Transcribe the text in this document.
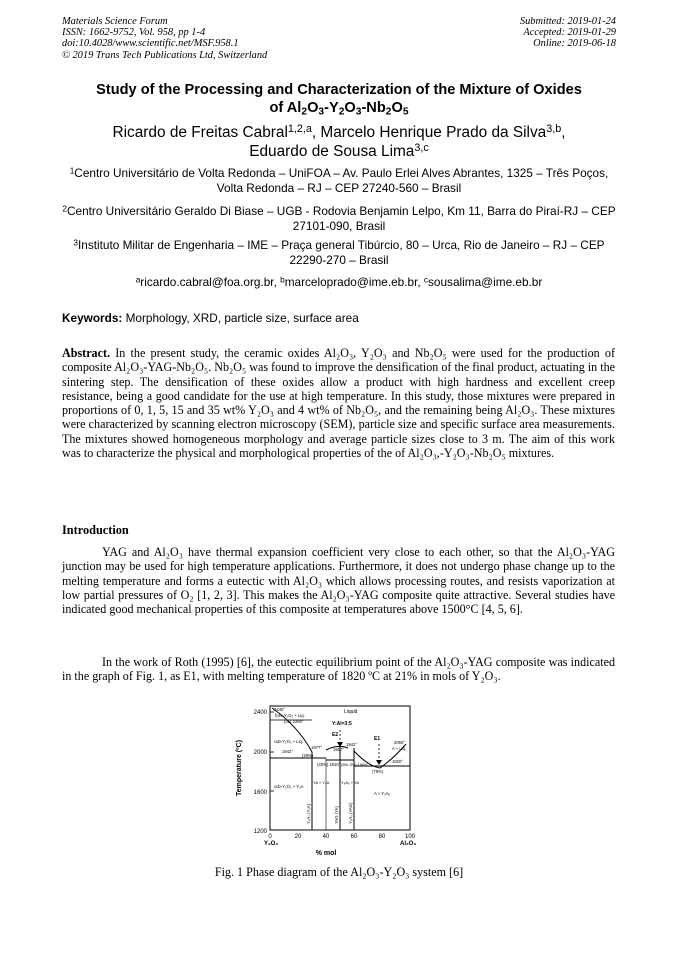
Materials Science Forum
ISSN: 1662-9752, Vol. 958, pp 1-4
doi:10.4028/www.scientific.net/MSF.958.1
© 2019 Trans Tech Publications Ltd, Switzerland
Submitted: 2019-01-24
Accepted: 2019-01-29
Online: 2019-06-18
Study of the Processing and Characterization of the Mixture of Oxides
of $Al_2O_3-Y_2O_3-Nb_2O_5$
Ricardo de Freitas Cabral$^{1,2,a}$, Marcelo Henrique Prado da Silva$^{3,b}$,
Eduardo de Sousa Lima$^{3,c}$
$^1$Centro Universitário de Volta Redonda – UniFOA – Av. Paulo Erlei Alves Abrantes, 1325 – Três Poços, Volta Redonda – RJ – CEP 27240-560 – Brasil
$^2$Centro Universitário Geraldo Di Biase – UGB - Rodovia Benjamin Lelpo, Km 11, Barra do Piraí-RJ – CEP 27101-090, Brasil
$^3$Instituto Militar de Engenharia – IME – Praça general Tibúrcio, 80 – Urca, Rio de Janeiro – RJ – CEP 22290-270 – Brasil
$^a$ricardo.cabral@foa.org.br, $^b$marceloprado@ime.eb.br, $^c$sousalima@ime.eb.br
Keywords: Morphology, XRD, particle size, surface area
Abstract. In the present study, the ceramic oxides Al₂O₃, Y₂O₃ and Nb₂O₅ were used for the production of composite Al₂O₃-YAG-Nb₂O₅. Nb₂O₅ was found to improve the densification of the final product, actuating in the sintering step. The densification of these oxides allow a product with high hardness and excellent creep resistance, being a good candidate for the use at high temperature. In this study, those mixtures were prepared in proportions of 0, 1, 5, 15 and 35 wt% Y₂O₃ and 4 wt% of Nb₂O₅, and the remaining being Al₂O₃. These mixtures were characterized by scanning electron microscopy (SEM), particle size and specific surface area measurements. The mixtures showed homogeneous morphology and average particle sizes close to 3 m. The aim of this work was to characterize the physical and morphological properties of the of Al₂O₃,-Y₂O₃-Nb₂O₅ mixtures.
Introduction
YAG and Al₂O₃ have thermal expansion coefficient very close to each other, so that the Al₂O₃-YAG junction may be used for high temperature applications. Furthermore, it does not undergo phase change up to the melting temperature and forms a eutectic with Al₂O₃ which allows processing routes, and resists vaporization at low partial pressures of O₂ [1, 2, 3]. This makes the Al₂O₃-YAG composite quite attractive. Several studies have indicated good mechanical properties of this composite at temperatures above 1500°C [4, 5, 6].
In the work of Roth (1995) [6], the eutectic equilibrium point of the Al₂O₃-YAG composite was indicated in the graph of Fig. 1, as E1, with melting temperature of 1820 ºC at 21% in mols of Y₂O₃.
Temperature (ºC)
2400
2000
1600
1200
0	20	40	60	80	100
Y₂O₃	Al₂O₃
% mol
2440°
fcss-Y₂O₃ + Liq.
(25) 2280°
Liquid
Y:Al=3:5
E2
E1
cub-Y₂O₃ + Liq.
1942°
1977°
(29%)
1917°
1942°	2050°
A + Liq.
1820°
(40%) 1910° (5%-3%) 1905°
(79%)
cub-Y₂O₃ + Y₄A
YA + Y₄A	Y₃A₅ + YA
A + Y₃A₅
Y₄A₂ (Y₂A)	YAG (YA) Y₃A₅ (YAG)
Fig. 1 Phase diagram of the Al₂O₃-Y₂O₃ system [6]
